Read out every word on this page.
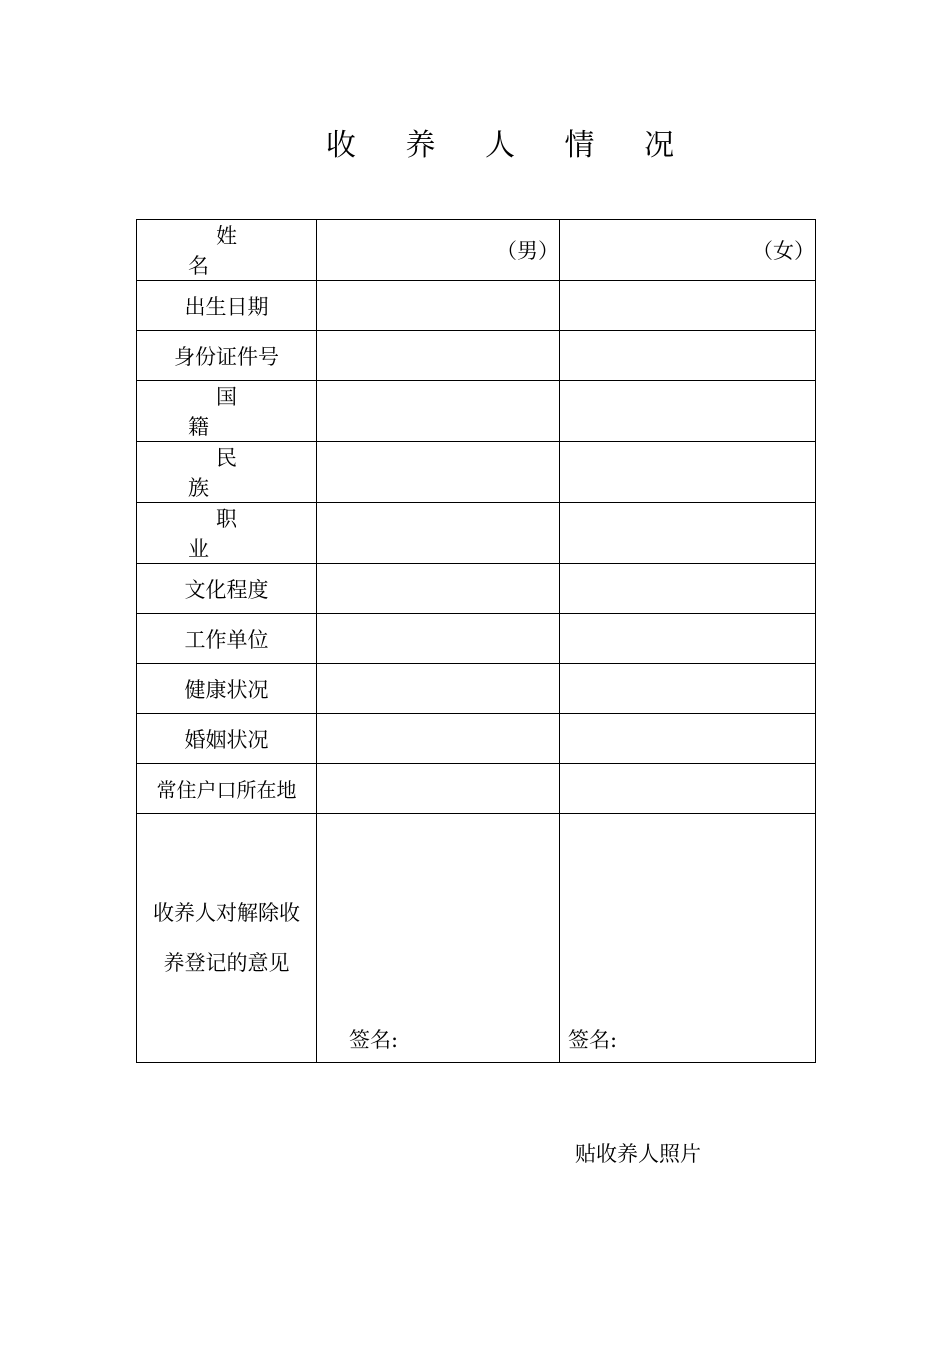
收 养 人 情 况
姓名	（男）	（女）
出生日期		
身份证件号		
国籍		
民族		
职业		
文化程度		
工作单位		
健康状况		
婚姻状况		
常住户口所在地		

收养人对解除收
养登记的意见	签名:	签名:
贴收养人照片
